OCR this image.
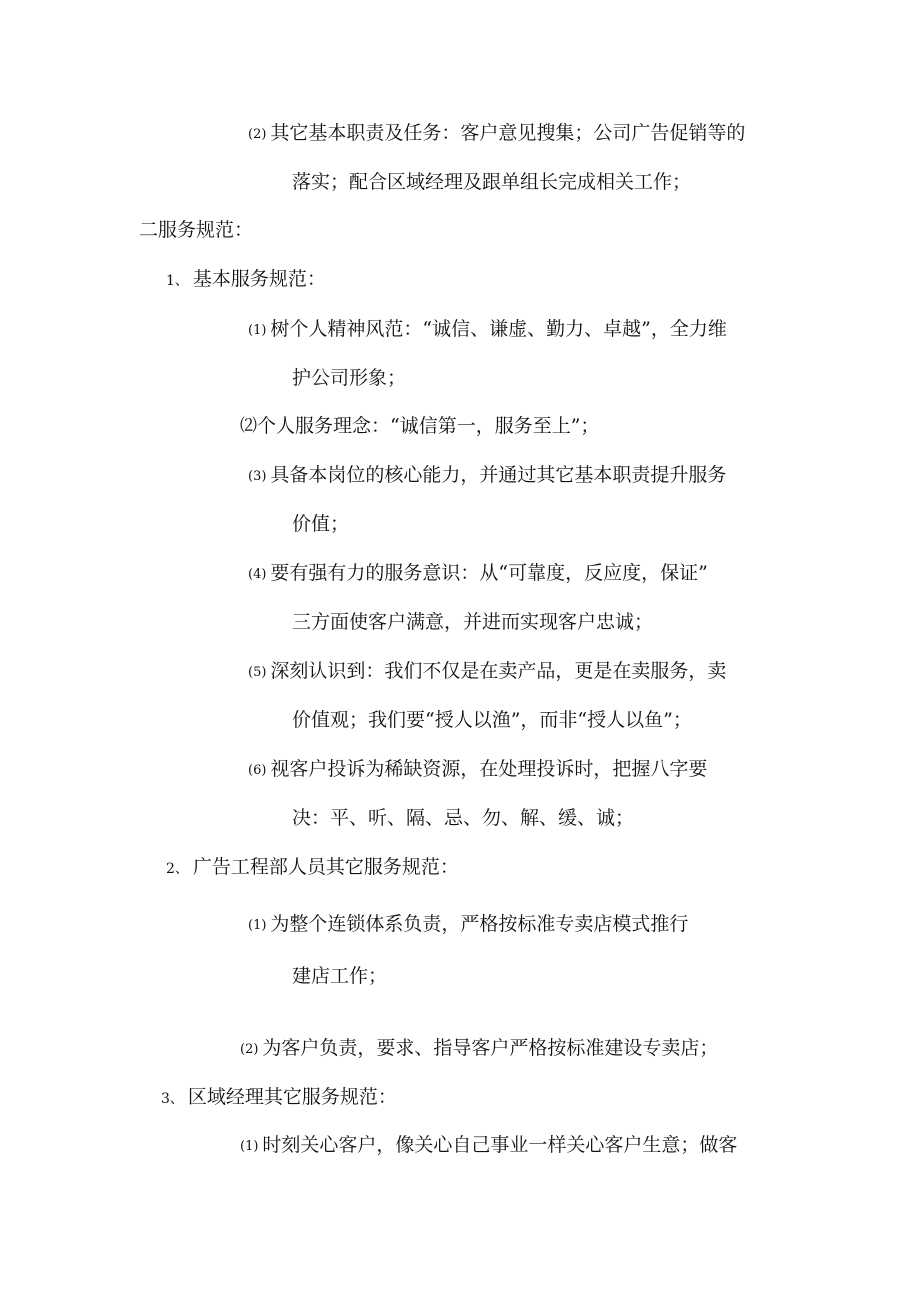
(2) 其它基本职责及任务：客户意见搜集；公司广告促销等的

落实；配合区域经理及跟单组长完成相关工作；

二服务规范：

1、 基本服务规范：

(1) 树个人精神风范：“诚信、谦虚、勤力、卓越”，全力维

护公司形象；

⑵个人服务理念：“诚信第一，服务至上”；

(3) 具备本岗位的核心能力，并通过其它基本职责提升服务

价值；

(4) 要有强有力的服务意识：从“可靠度，反应度，保证”

三方面使客户满意，并进而实现客户忠诚；

(5) 深刻认识到：我们不仅是在卖产品，更是在卖服务，卖

价值观；我们要“授人以渔”，而非“授人以鱼”；

(6) 视客户投诉为稀缺资源，在处理投诉时，把握八字要

决：平、听、隔、忌、勿、解、缓、诚；

2、 广告工程部人员其它服务规范：

(1) 为整个连锁体系负责，严格按标准专卖店模式推行

建店工作；

(2) 为客户负责，要求、指导客户严格按标准建设专卖店；

3、 区域经理其它服务规范：

(1) 时刻关心客户，像关心自己事业一样关心客户生意；做客
